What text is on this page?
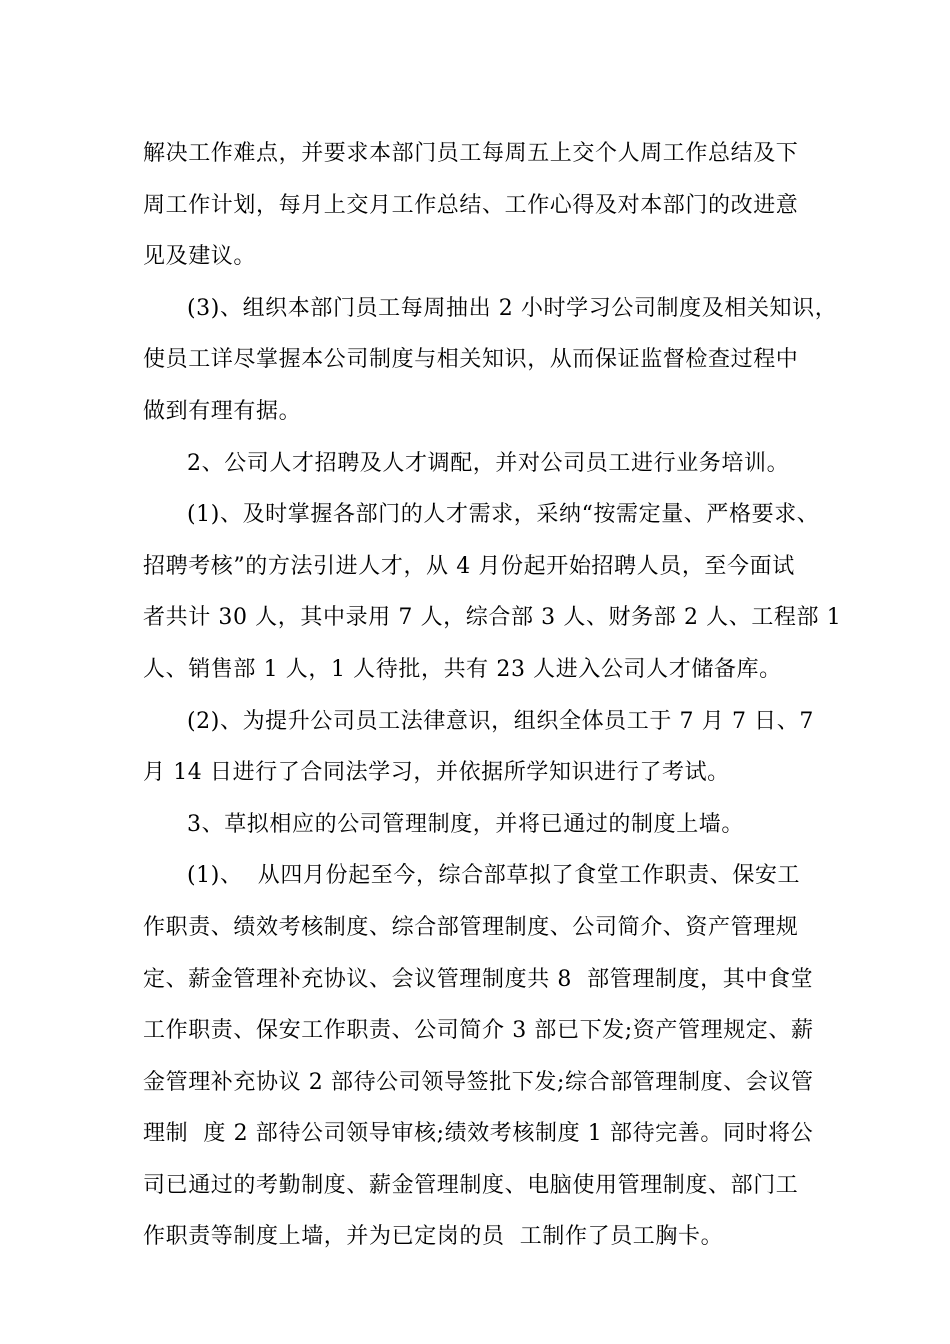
解决工作难点，并要求本部门员工每周五上交个人周工作总结及下
周工作计划，每月上交月工作总结、工作心得及对本部门的改进意
见及建议。
(3)、组织本部门员工每周抽出 2 小时学习公司制度及相关知识，
使员工详尽掌握本公司制度与相关知识，从而保证监督检查过程中
做到有理有据。
2、公司人才招聘及人才调配，并对公司员工进行业务培训。
(1)、及时掌握各部门的人才需求，采纳“按需定量、严格要求、
招聘考核”的方法引进人才，从 4 月份起开始招聘人员，至今面试
者共计 30 人，其中录用 7 人，综合部 3 人、财务部 2 人、工程部 1
人、销售部 1 人，1 人待批，共有 23 人进入公司人才储备库。
(2)、为提升公司员工法律意识，组织全体员工于 7 月 7 日、7
月 14 日进行了合同法学习，并依据所学知识进行了考试。
3、草拟相应的公司管理制度，并将已通过的制度上墙。
(1)、  从四月份起至今，综合部草拟了食堂工作职责、保安工
作职责、绩效考核制度、综合部管理制度、公司简介、资产管理规
定、薪金管理补充协议、会议管理制度共 8  部管理制度，其中食堂
工作职责、保安工作职责、公司简介 3 部已下发;资产管理规定、薪
金管理补充协议 2 部待公司领导签批下发;综合部管理制度、会议管
理制  度 2 部待公司领导审核;绩效考核制度 1 部待完善。同时将公
司已通过的考勤制度、薪金管理制度、电脑使用管理制度、部门工
作职责等制度上墙，并为已定岗的员  工制作了员工胸卡。
